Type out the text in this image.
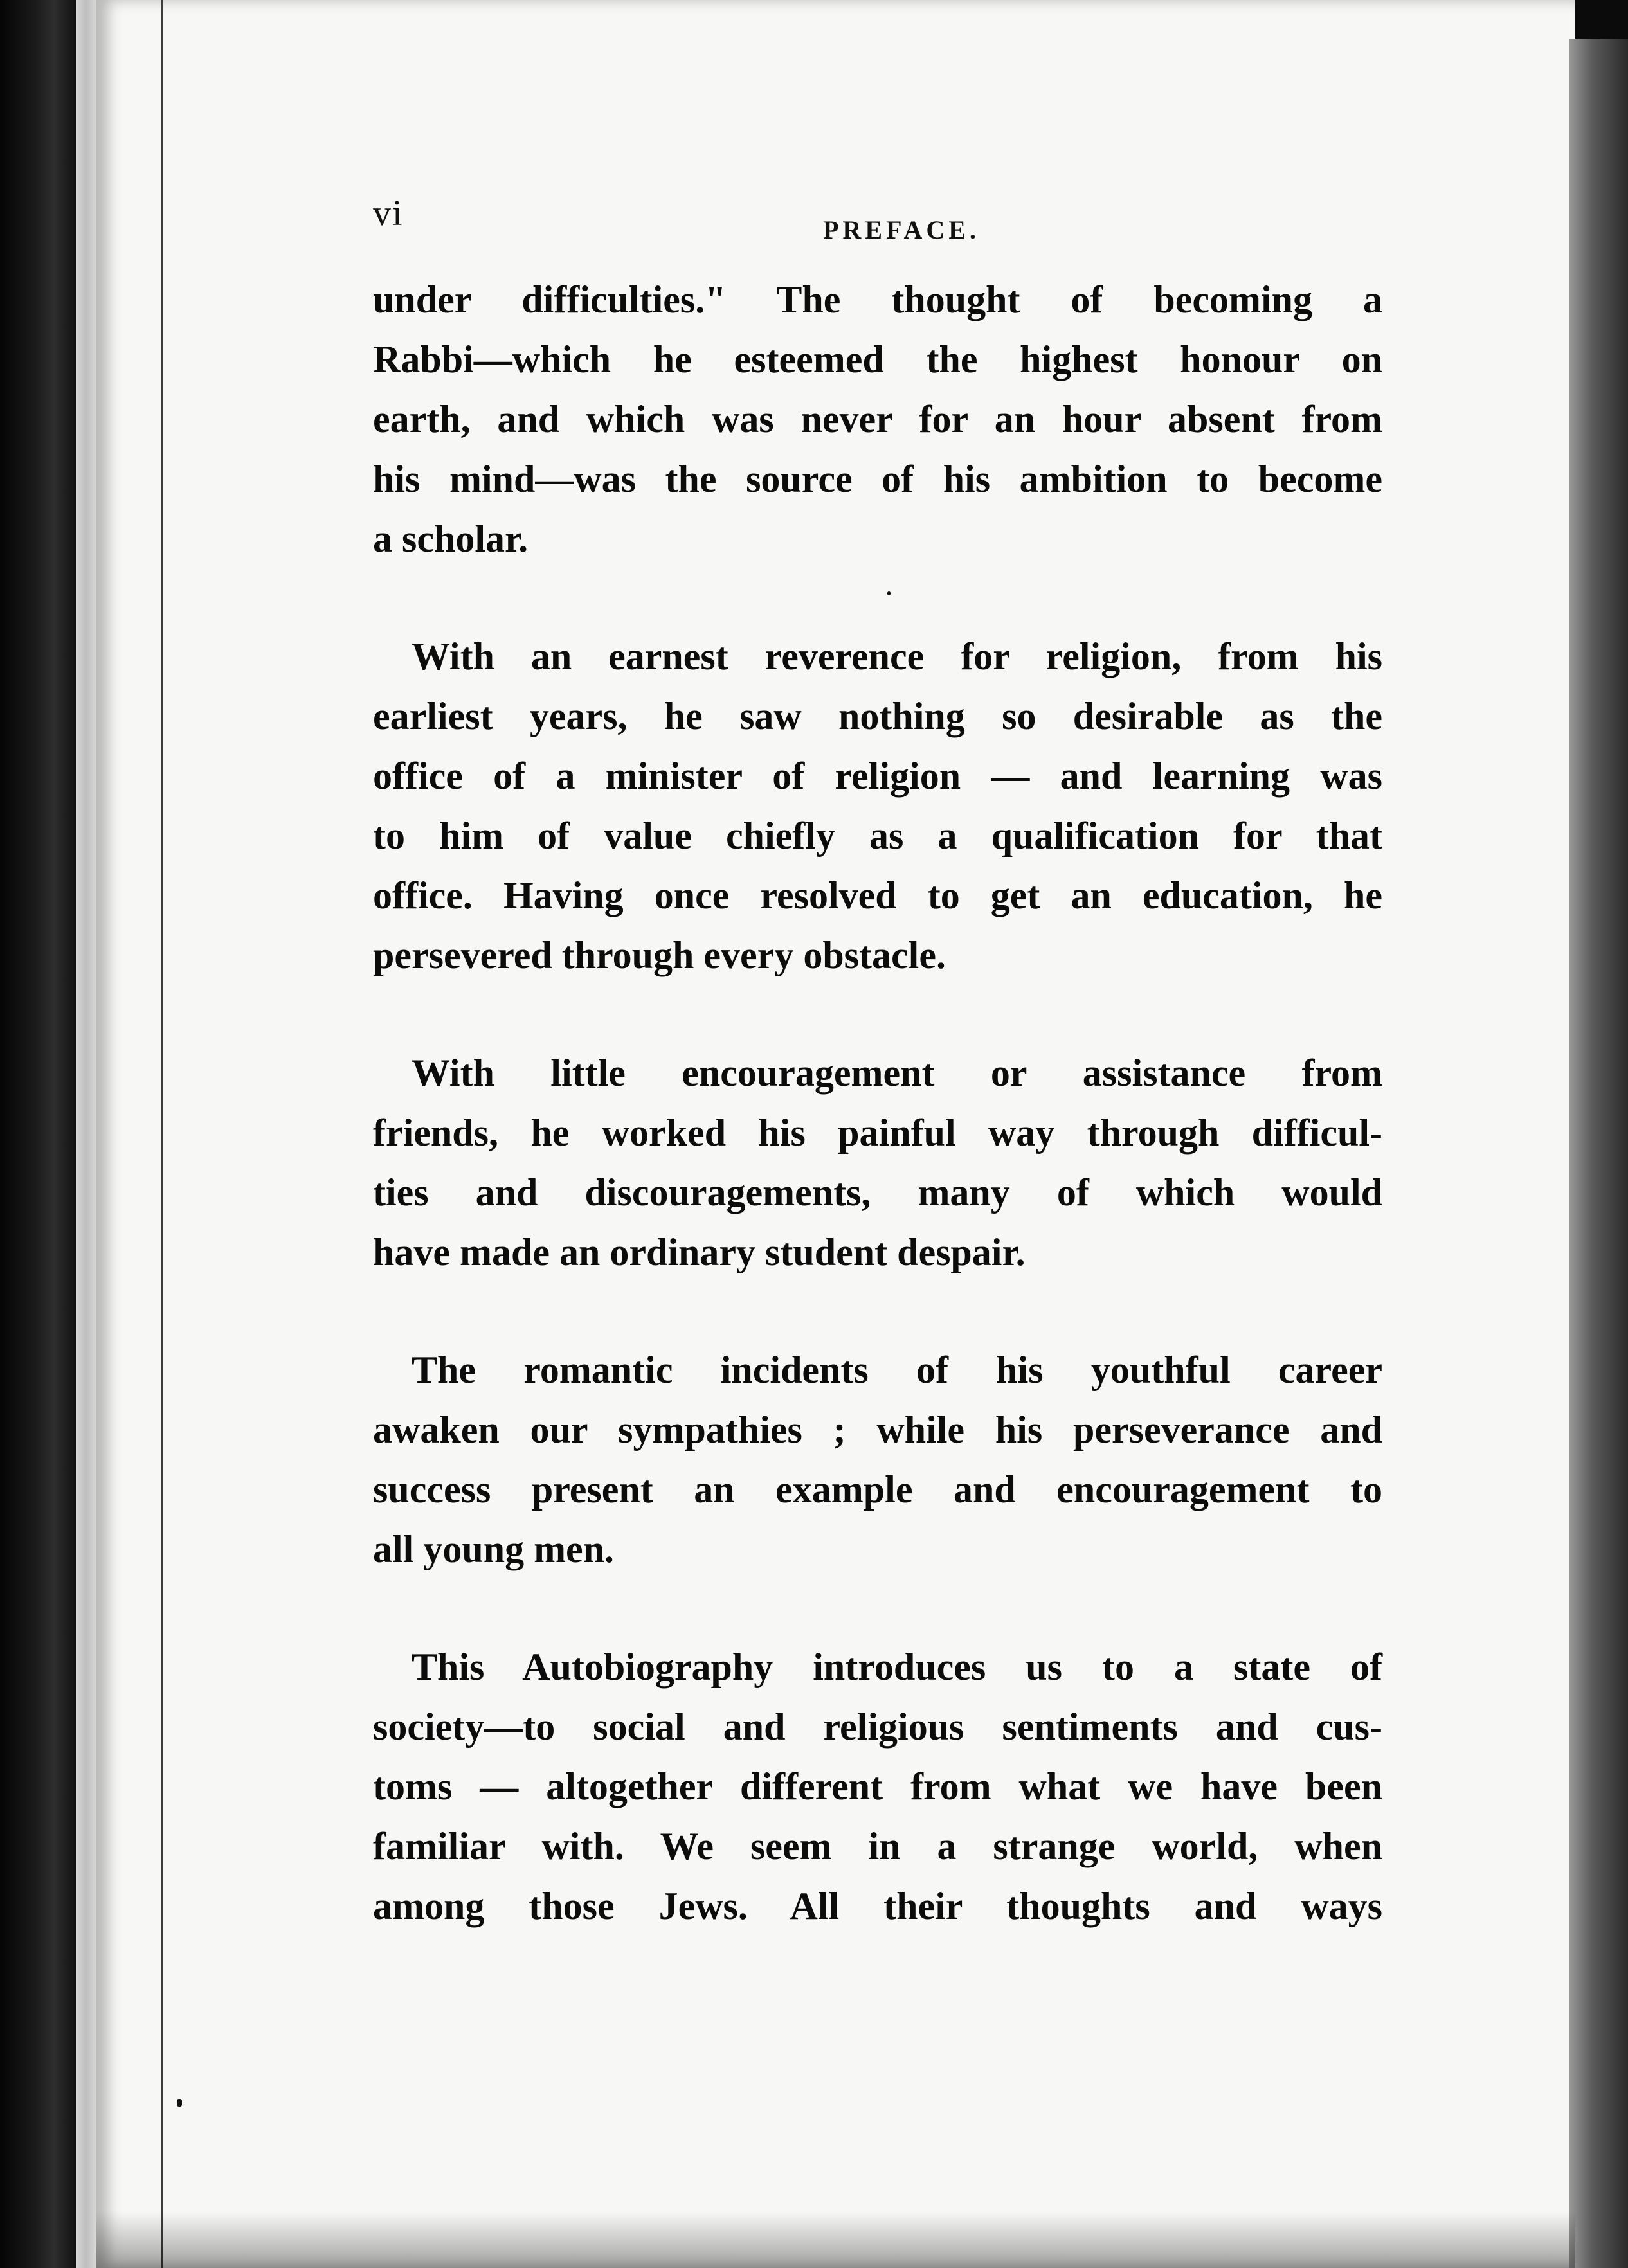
vi	PREFACE.

under difficulties." The thought of becoming a

Rabbi—which he esteemed the highest honour on

earth, and which was never for an hour absent from

his mind—was the source of his ambition to become

a scholar.

With an earnest reverence for religion, from his

earliest years, he saw nothing so desirable as the

office of a minister of religion — and learning was

to him of value chiefly as a qualification for that

office. Having once resolved to get an education, he

persevered through every obstacle.

With little encouragement or assistance from

friends, he worked his painful way through difficul-

ties and discouragements, many of which would

have made an ordinary student despair.

The romantic incidents of his youthful career

awaken our sympathies ; while his perseverance and

success present an example and encouragement to

all young men.

This Autobiography introduces us to a state of

society—to social and religious sentiments and cus-

toms — altogether different from what we have been

familiar with. We seem in a strange world, when

among those Jews. All their thoughts and ways
